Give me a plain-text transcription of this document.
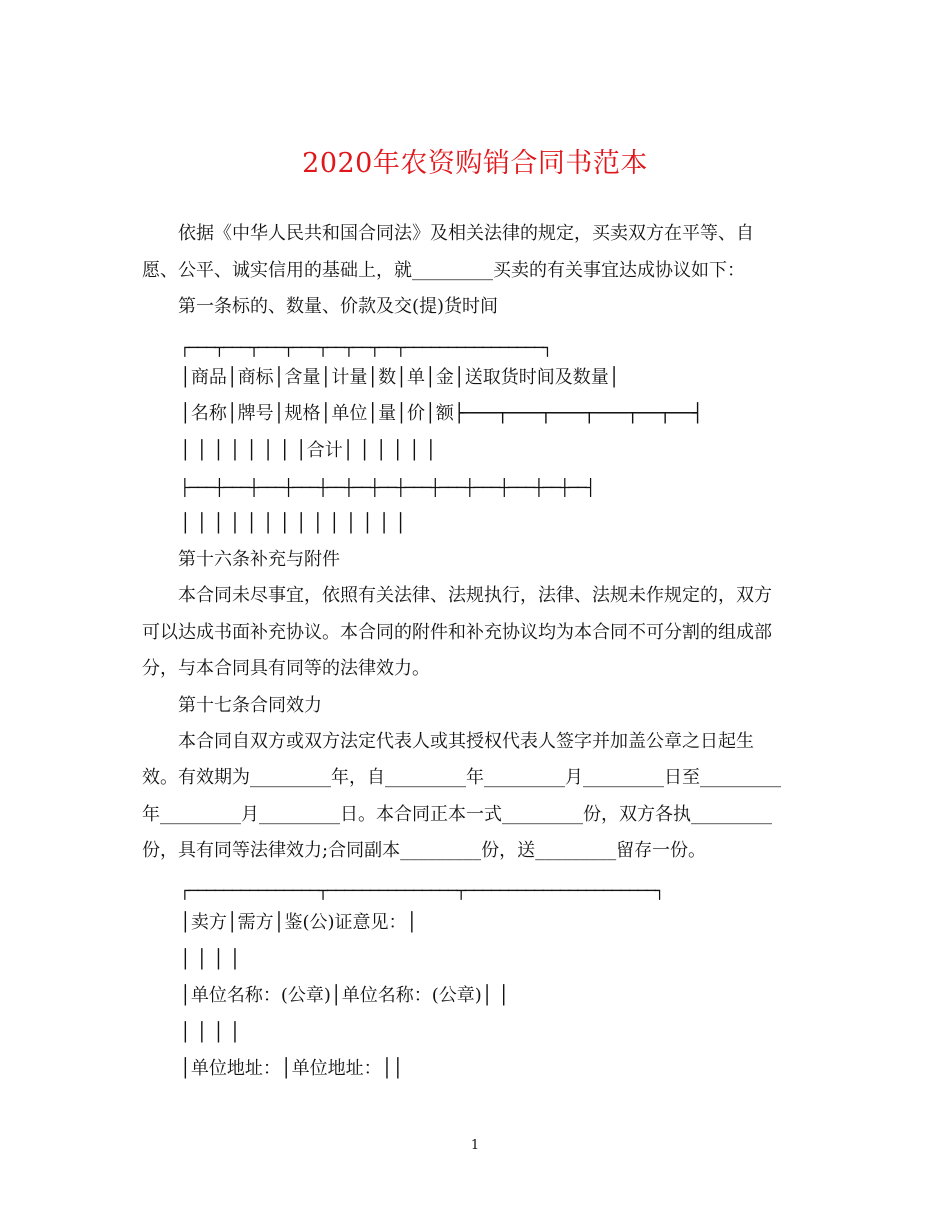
2020年农资购销合同书范本
依据《中华人民共和国合同法》及相关法律的规定，买卖双方在平等、自
愿、公平、诚实信用的基础上，就_________买卖的有关事宜达成协议如下：
第一条标的、数量、价款及交(提)货时间
┌───┬───┬───┬───┬──┬──┬──┬────────────────┐
│商品│商标│含量│计量│数│单│金│送取货时间及数量│
│名称│牌号│规格│单位│量│价│额├───┬───┬───┬───┬──┬──┤
│ │ │ │ │ │ │ │合计│ │ │ │ │ │
├───┼───┼───┼───┼──┼──┼──┼───┼───┼───┼───┼──┼──┤
│ │ │ │ │ │ │ │ │ │ │ │ │ │
第十六条补充与附件
本合同未尽事宜，依照有关法律、法规执行，法律、法规未作规定的，双方
可以达成书面补充协议。本合同的附件和补充协议均为本合同不可分割的组成部
分，与本合同具有同等的法律效力。
第十七条合同效力
本合同自双方或双方法定代表人或其授权代表人签字并加盖公章之日起生
效。有效期为_________年，自_________年_________月_________日至_________
年_________月_________日。本合同正本一式_________份，双方各执_________
份，具有同等法律效力;合同副本_________份，送_________留存一份。
┌───────────────┬───────────────┬──────────────────────┐
│卖方│需方│鉴(公)证意见：│
│ │ │ │
│单位名称：(公章)│单位名称：(公章)│ │
│ │ │ │
│单位地址：│单位地址：││
1
